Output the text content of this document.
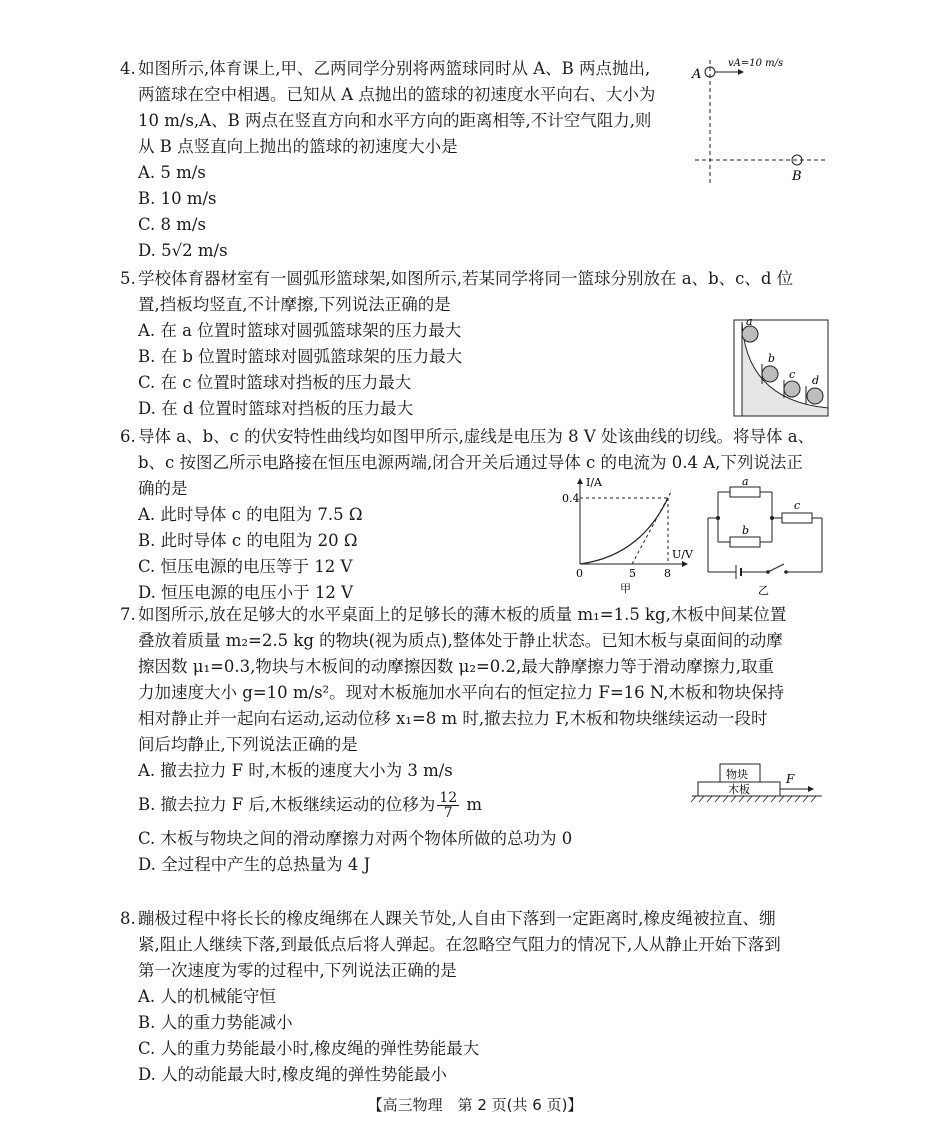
4. 如图所示,体育课上,甲、乙两同学分别将两篮球同时从 A、B 两点抛出,

两篮球在空中相遇。已知从 A 点抛出的篮球的初速度水平向右、大小为

10 m/s,A、B 两点在竖直方向和水平方向的距离相等,不计空气阻力,则

从 B 点竖直向上抛出的篮球的初速度大小是

A. 5 m/s

B. 10 m/s

C. 8 m/s

D. 5√2 m/s

A
vA=10 m/s
B
5. 学校体育器材室有一圆弧形篮球架,如图所示,若某同学将同一篮球分别放在 a、b、c、d 位

置,挡板均竖直,不计摩擦,下列说法正确的是

A. 在 a 位置时篮球对圆弧篮球架的压力最大

B. 在 b 位置时篮球对圆弧篮球架的压力最大

C. 在 c 位置时篮球对挡板的压力最大

D. 在 d 位置时篮球对挡板的压力最大

a
b
c d
6. 导体 a、b、c 的伏安特性曲线均如图甲所示,虚线是电压为 8 V 处该曲线的切线。将导体 a、

b、c 按图乙所示电路接在恒压电源两端,闭合开关后通过导体 c 的电流为 0.4 A,下列说法正

确的是

A. 此时导体 c 的电阻为 7.5 Ω

B. 此时导体 c 的电阻为 20 Ω

C. 恒压电源的电压等于 12 V

D. 恒压电源的电压小于 12 V

I/A
U/V
0.4
0	5	8
甲
a
b
c
乙
7. 如图所示,放在足够大的水平桌面上的足够长的薄木板的质量 m₁=1.5 kg,木板中间某位置

叠放着质量 m₂=2.5 kg 的物块(视为质点),整体处于静止状态。已知木板与桌面间的动摩

擦因数 μ₁=0.3,物块与木板间的动摩擦因数 μ₂=0.2,最大静摩擦力等于滑动摩擦力,取重

力加速度大小 g=10 m/s²。现对木板施加水平向右的恒定拉力 F=16 N,木板和物块保持

相对静止并一起向右运动,运动位移 x₁=8 m 时,撤去拉力 F,木板和物块继续运动一段时

间后均静止,下列说法正确的是

A. 撤去拉力 F 时,木板的速度大小为 3 m/s

B. 撤去拉力 F 后,木板继续运动的位移为 $\frac{12}{7}$ m

C. 木板与物块之间的滑动摩擦力对两个物体所做的总功为 0

D. 全过程中产生的总热量为 4 J

物块
木板
F
8. 蹦极过程中将长长的橡皮绳绑在人踝关节处,人自由下落到一定距离时,橡皮绳被拉直、绷

紧,阻止人继续下落,到最低点后将人弹起。在忽略空气阻力的情况下,人从静止开始下落到

第一次速度为零的过程中,下列说法正确的是

A. 人的机械能守恒

B. 人的重力势能减小

C. 人的重力势能最小时,橡皮绳的弹性势能最大

D. 人的动能最大时,橡皮绳的弹性势能最小

【高三物理　第 2 页(共 6 页)】
